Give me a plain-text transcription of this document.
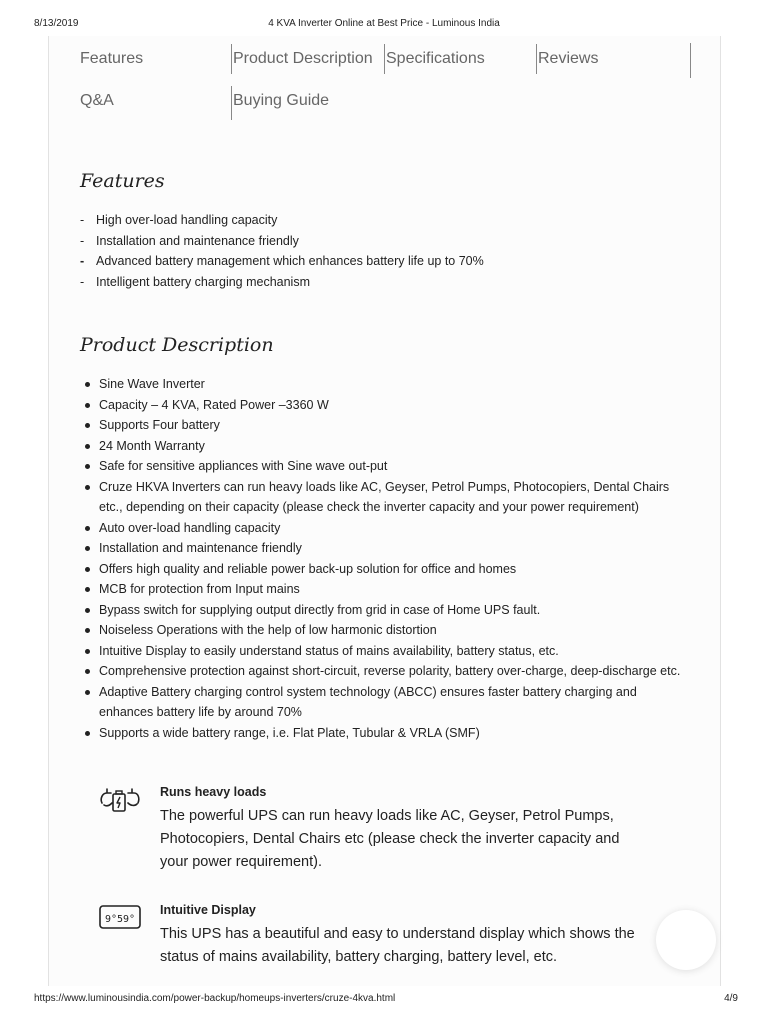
8/13/2019	4 KVA Inverter Online at Best Price - Luminous India
Features	Product Description Specifications	Reviews
Q&A	Buying Guide
Features
- High over-load handling capacity
- Installation and maintenance friendly
- Advanced battery management which enhances battery life up to 70%
- Intelligent battery charging mechanism
Product Description
Sine Wave Inverter
Capacity – 4 KVA, Rated Power –3360 W
Supports Four battery
24 Month Warranty
Safe for sensitive appliances with Sine wave out-put
Cruze HKVA Inverters can run heavy loads like AC, Geyser, Petrol Pumps, Photocopiers, Dental Chairs etc., depending on their capacity (please check the inverter capacity and your power requirement)
Auto over-load handling capacity
Installation and maintenance friendly
Offers high quality and reliable power back-up solution for office and homes
MCB for protection from Input mains
Bypass switch for supplying output directly from grid in case of Home UPS fault.
Noiseless Operations with the help of low harmonic distortion
Intuitive Display to easily understand status of mains availability, battery status, etc.
Comprehensive protection against short-circuit, reverse polarity, battery over-charge, deep-discharge etc.
Adaptive Battery charging control system technology (ABCC) ensures faster battery charging and enhances battery life by around 70%
Supports a wide battery range, i.e. Flat Plate, Tubular & VRLA (SMF)
Runs heavy loads
The powerful UPS can run heavy loads like AC, Geyser, Petrol Pumps, Photocopiers, Dental Chairs etc (please check the inverter capacity and your power requirement).
9°59°
Intuitive Display
This UPS has a beautiful and easy to understand display which shows the status of mains availability, battery charging, battery level, etc.
https://www.luminousindia.com/power-backup/homeups-inverters/cruze-4kva.html	4/9
